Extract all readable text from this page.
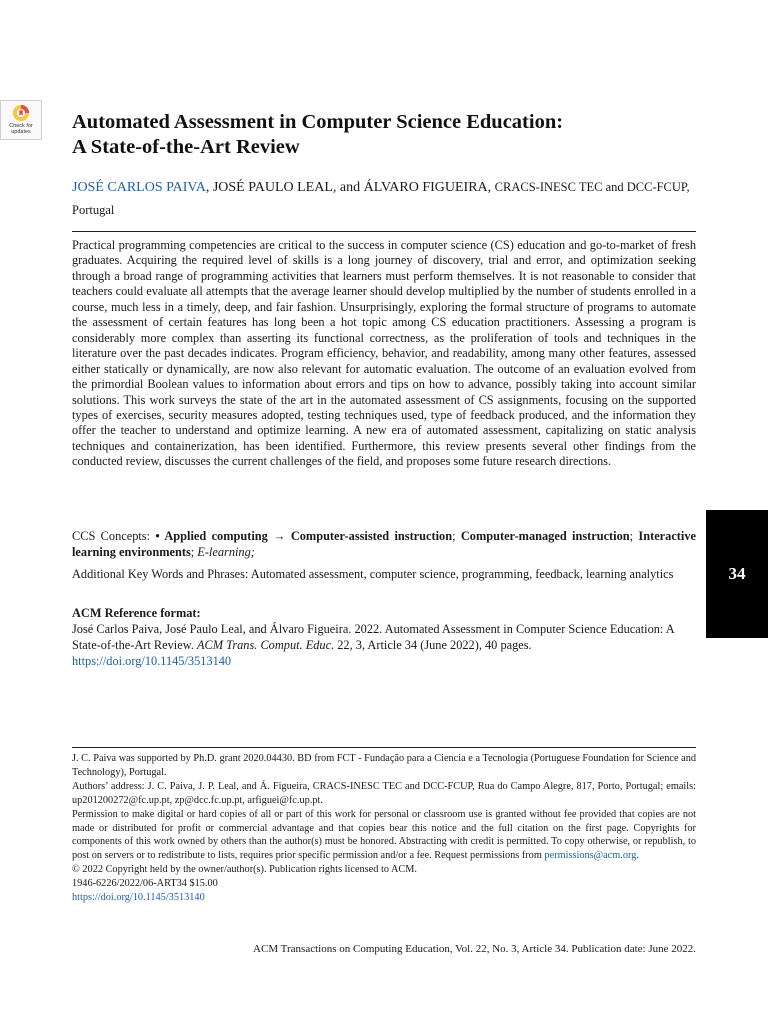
Check for updates	Automated Assessment in Computer Science Education:
A State-of-the-Art Review

JOSÉ CARLOS PAIVA, JOSÉ PAULO LEAL, and ÁLVARO FIGUEIRA, CRACS-INESC TEC and DCC-FCUP, Portugal

Practical programming competencies are critical to the success in computer science (CS) education and go-to-market of fresh graduates. Acquiring the required level of skills is a long journey of discovery, trial and error, and optimization seeking through a broad range of programming activities that learners must perform themselves. It is not reasonable to consider that teachers could evaluate all attempts that the average learner should develop multiplied by the number of students enrolled in a course, much less in a timely, deep, and fair fashion. Unsurprisingly, exploring the formal structure of programs to automate the assessment of certain features has long been a hot topic among CS education practitioners. Assessing a program is considerably more complex than asserting its functional correctness, as the proliferation of tools and techniques in the literature over the past decades indicates. Program efficiency, behavior, and readability, among many other features, assessed either statically or dynamically, are now also relevant for automatic evaluation. The outcome of an evaluation evolved from the primordial Boolean values to information about errors and tips on how to advance, possibly taking into account similar solutions. This work surveys the state of the art in the automated assessment of CS assignments, focusing on the supported types of exercises, security measures adopted, testing techniques used, type of feedback produced, and the information they offer the teacher to understand and optimize learning. A new era of automated assessment, capitalizing on static analysis techniques and containerization, has been identified. Furthermore, this review presents several other findings from the conducted review, discusses the current challenges of the field, and proposes some future research directions.

CCS Concepts: • Applied computing → Computer-assisted instruction; Computer-managed instruction; Interactive learning environments; E-learning;

Additional Key Words and Phrases: Automated assessment, computer science, programming, feedback, learning analytics

ACM Reference format:
José Carlos Paiva, José Paulo Leal, and Álvaro Figueira. 2022. Automated Assessment in Computer Science Education: A State-of-the-Art Review. ACM Trans. Comput. Educ. 22, 3, Article 34 (June 2022), 40 pages.
https://doi.org/10.1145/3513140

34

J. C. Paiva was supported by Ph.D. grant 2020.04430. BD from FCT - Fundação para a Ciencia e a Tecnologia (Portuguese Foundation for Science and Technology), Portugal.

Authors’ address: J. C. Paiva, J. P. Leal, and Á. Figueira, CRACS-INESC TEC and DCC-FCUP, Rua do Campo Alegre, 817, Porto, Portugal; emails: up201200272@fc.up.pt, zp@dcc.fc.up.pt, arfiguei@fc.up.pt.

Permission to make digital or hard copies of all or part of this work for personal or classroom use is granted without fee provided that copies are not made or distributed for profit or commercial advantage and that copies bear this notice and the full citation on the first page. Copyrights for components of this work owned by others than the author(s) must be honored. Abstracting with credit is permitted. To copy otherwise, or republish, to post on servers or to redistribute to lists, requires prior specific permission and/or a fee. Request permissions from permissions@acm.org.

© 2022 Copyright held by the owner/author(s). Publication rights licensed to ACM.

1946-6226/2022/06-ART34 $15.00

https://doi.org/10.1145/3513140

ACM Transactions on Computing Education, Vol. 22, No. 3, Article 34. Publication date: June 2022.
